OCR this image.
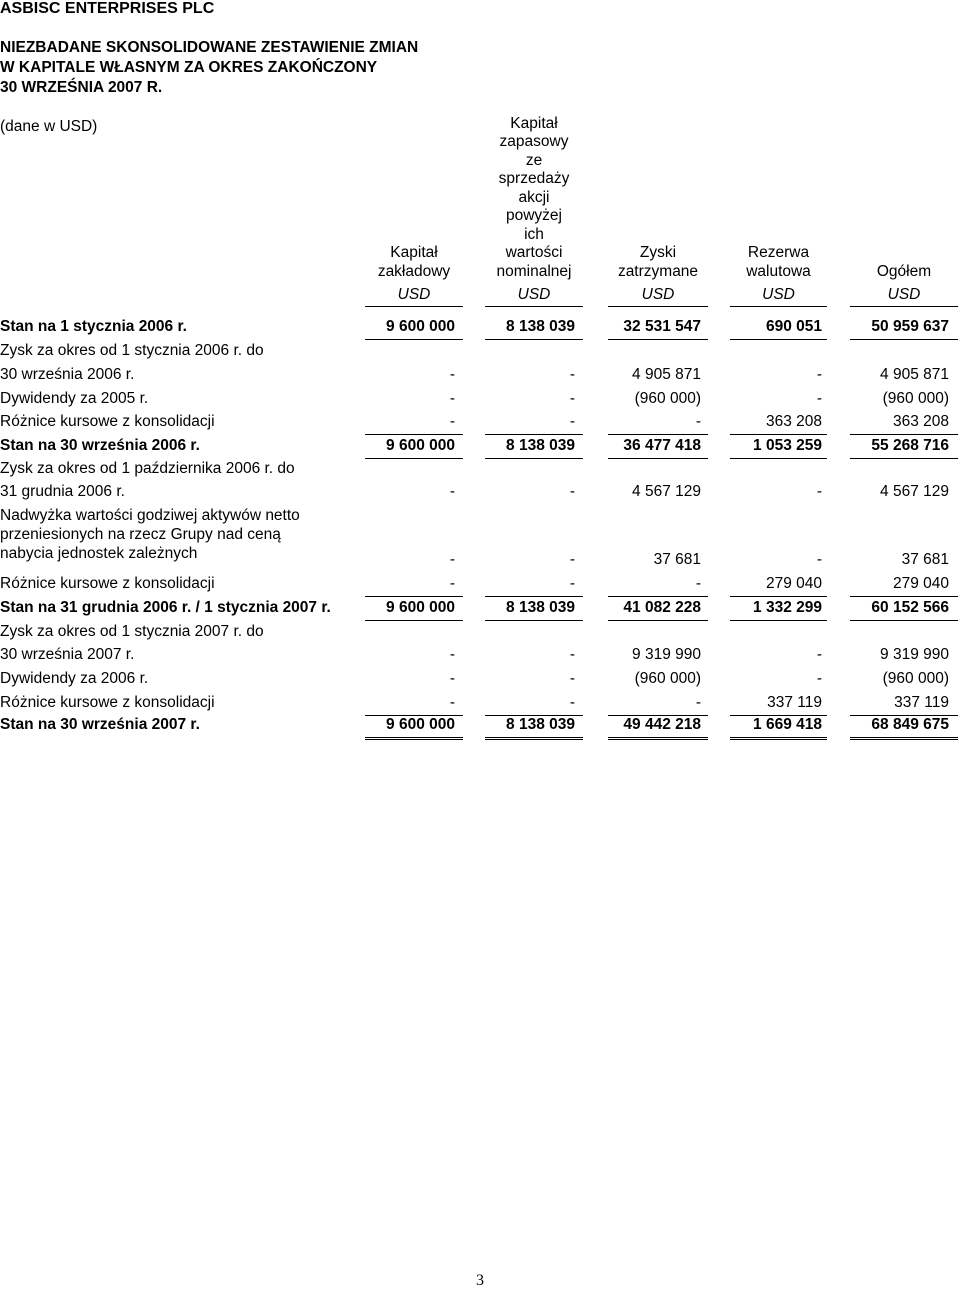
ASBISC ENTERPRISES PLC
NIEZBADANE SKONSOLIDOWANE ZESTAWIENIE ZMIAN
W KAPITALE WŁASNYM ZA OKRES ZAKOŃCZONY
30 WRZEŚNIA 2007 R.
(dane w USD)
Kapitał
zakładowy
USD
Kapitał
zapasowy
ze
sprzedaży
akcji
powyżej
ich
wartości
nominalnej
USD
Zyski
zatrzymane
USD
Rezerwa
walutowa
USD
Ogółem
USD
Stan na 1 stycznia 2006 r.	9 600 000	8 138 039	32 531 547	690 051	50 959 637
Zysk za okres od 1 stycznia 2006 r. do
30 września 2006 r.	-	-	4 905 871	-	4 905 871
Dywidendy za 2005 r.	-	-	(960 000)	-	(960 000)
Różnice kursowe z konsolidacji	-	-	-	363 208	363 208
Stan na 30 września 2006 r.	9 600 000	8 138 039	36 477 418	1 053 259	55 268 716
Zysk za okres od 1 października 2006 r. do
31 grudnia 2006 r.	-	-	4 567 129	-	4 567 129
Nadwyżka wartości godziwej aktywów netto
przeniesionych na rzecz Grupy nad ceną
nabycia jednostek zależnych	-	-	37 681	-	37 681
Różnice kursowe z konsolidacji	-	-	-	279 040	279 040
Stan na 31 grudnia 2006 r. / 1 stycznia 2007 r.	9 600 000	8 138 039	41 082 228	1 332 299	60 152 566
Zysk za okres od 1 stycznia 2007 r. do
30 września 2007 r.	-	-	9 319 990	-	9 319 990
Dywidendy za 2006 r.	-	-	(960 000)	-	(960 000)
Różnice kursowe z konsolidacji	-	-	-	337 119	337 119
Stan na 30 września 2007 r.	9 600 000	8 138 039	49 442 218	1 669 418	68 849 675
3
